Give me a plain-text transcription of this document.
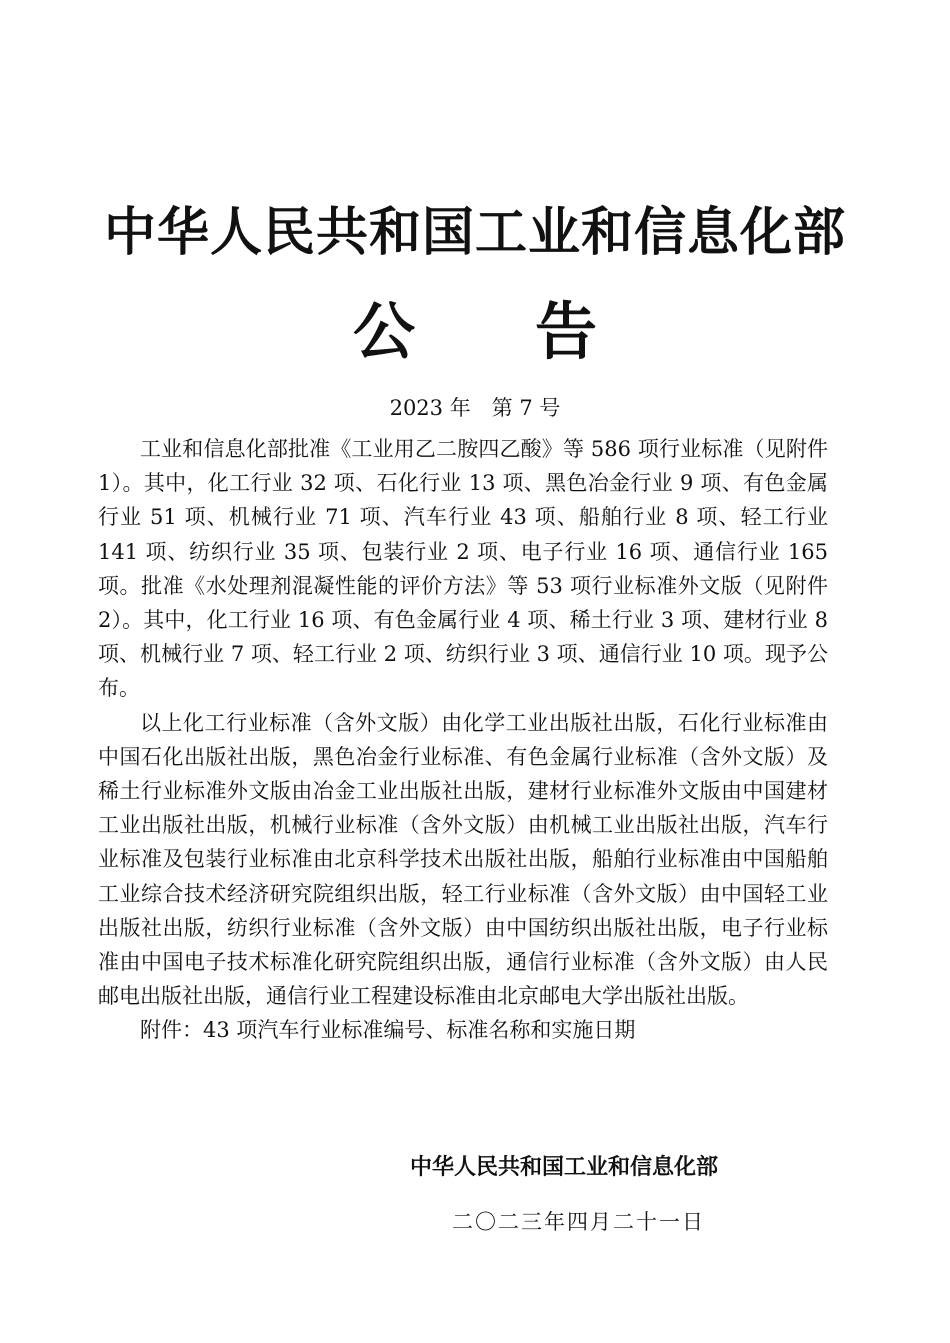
中华人民共和国工业和信息化部
公告
2023 年　第 7 号

工业和信息化部批准《工业用乙二胺四乙酸》等 586 项行业标准（见附件 1）。其中，化工行业 32 项、石化行业 13 项、黑色冶金行业 9 项、有色金属行业 51 项、机械行业 71 项、汽车行业 43 项、船舶行业 8 项、轻工行业 141 项、纺织行业 35 项、包装行业 2 项、电子行业 16 项、通信行业 165 项。批准《水处理剂混凝性能的评价方法》等 53 项行业标准外文版（见附件 2）。其中，化工行业 16 项、有色金属行业 4 项、稀土行业 3 项、建材行业 8 项、机械行业 7 项、轻工行业 2 项、纺织行业 3 项、通信行业 10 项。现予公布。

以上化工行业标准（含外文版）由化学工业出版社出版，石化行业标准由中国石化出版社出版，黑色冶金行业标准、有色金属行业标准（含外文版）及稀土行业标准外文版由冶金工业出版社出版，建材行业标准外文版由中国建材工业出版社出版，机械行业标准（含外文版）由机械工业出版社出版，汽车行业标准及包装行业标准由北京科学技术出版社出版，船舶行业标准由中国船舶工业综合技术经济研究院组织出版，轻工行业标准（含外文版）由中国轻工业出版社出版，纺织行业标准（含外文版）由中国纺织出版社出版，电子行业标准由中国电子技术标准化研究院组织出版，通信行业标准（含外文版）由人民邮电出版社出版，通信行业工程建设标准由北京邮电大学出版社出版。

附件：43 项汽车行业标准编号、标准名称和实施日期

中华人民共和国工业和信息化部
二〇二三年四月二十一日
